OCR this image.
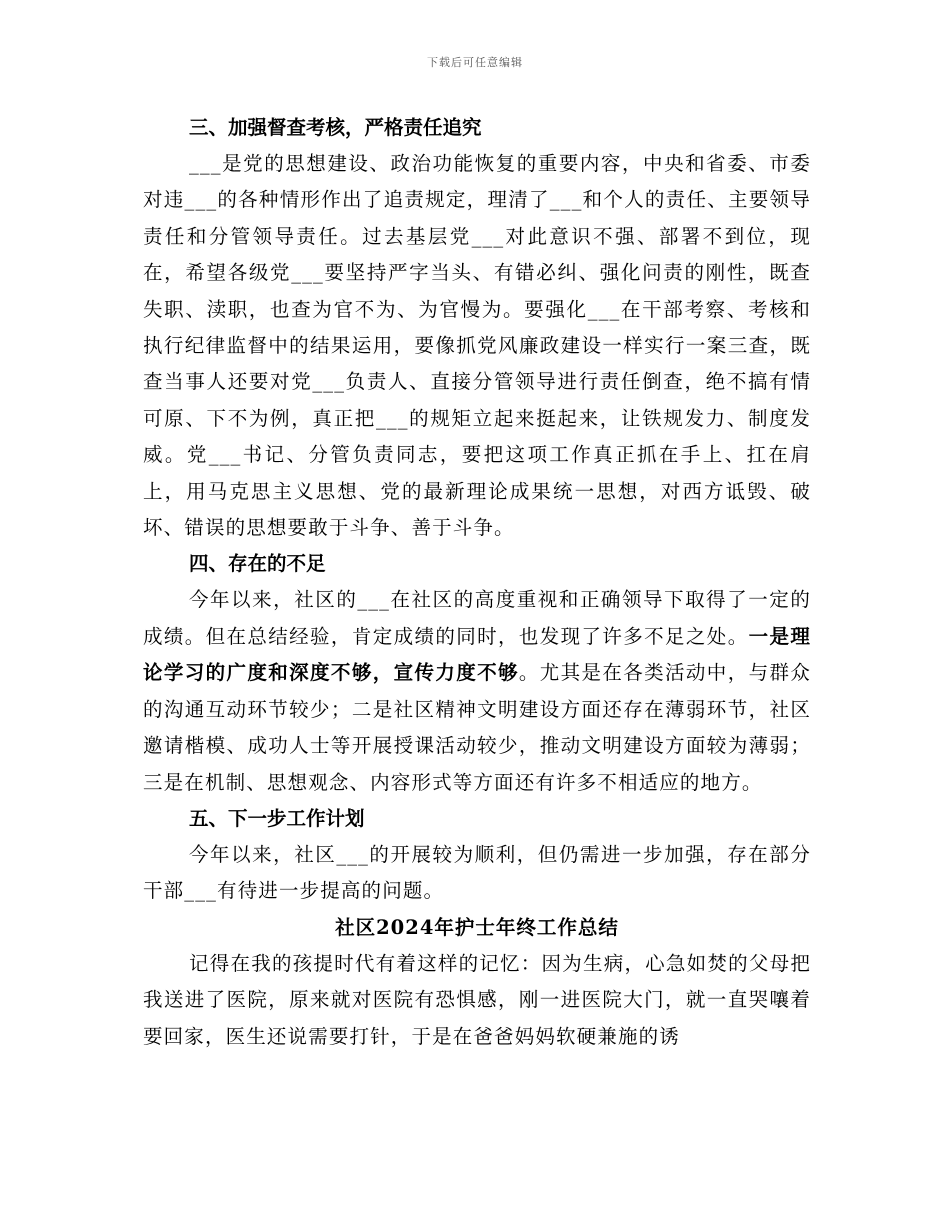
下载后可任意编辑

三、加强督查考核，严格责任追究

___是党的思想建设、政治功能恢复的重要内容，中央和省委、市委对违___的各种情形作出了追责规定，理清了___和个人的责任、主要领导责任和分管领导责任。过去基层党___对此意识不强、部署不到位，现在，希望各级党___要坚持严字当头、有错必纠、强化问责的刚性，既查失职、渎职，也查为官不为、为官慢为。要强化___在干部考察、考核和执行纪律监督中的结果运用，要像抓党风廉政建设一样实行一案三查，既查当事人还要对党___负责人、直接分管领导进行责任倒查，绝不搞有情可原、下不为例，真正把___的规矩立起来挺起来，让铁规发力、制度发威。党___书记、分管负责同志，要把这项工作真正抓在手上、扛在肩上，用马克思主义思想、党的最新理论成果统一思想，对西方诋毁、破坏、错误的思想要敢于斗争、善于斗争。

四、存在的不足

今年以来，社区的___在社区的高度重视和正确领导下取得了一定的成绩。但在总结经验，肯定成绩的同时，也发现了许多不足之处。一是理论学习的广度和深度不够，宣传力度不够。尤其是在各类活动中，与群众的沟通互动环节较少；二是社区精神文明建设方面还存在薄弱环节，社区邀请楷模、成功人士等开展授课活动较少，推动文明建设方面较为薄弱；三是在机制、思想观念、内容形式等方面还有许多不相适应的地方。

五、下一步工作计划

今年以来，社区___的开展较为顺利，但仍需进一步加强，存在部分干部___有待进一步提高的问题。

社区2024年护士年终工作总结

记得在我的孩提时代有着这样的记忆：因为生病，心急如焚的父母把我送进了医院，原来就对医院有恐惧感，刚一进医院大门，就一直哭嚷着要回家，医生还说需要打针，于是在爸爸妈妈软硬兼施的诱
